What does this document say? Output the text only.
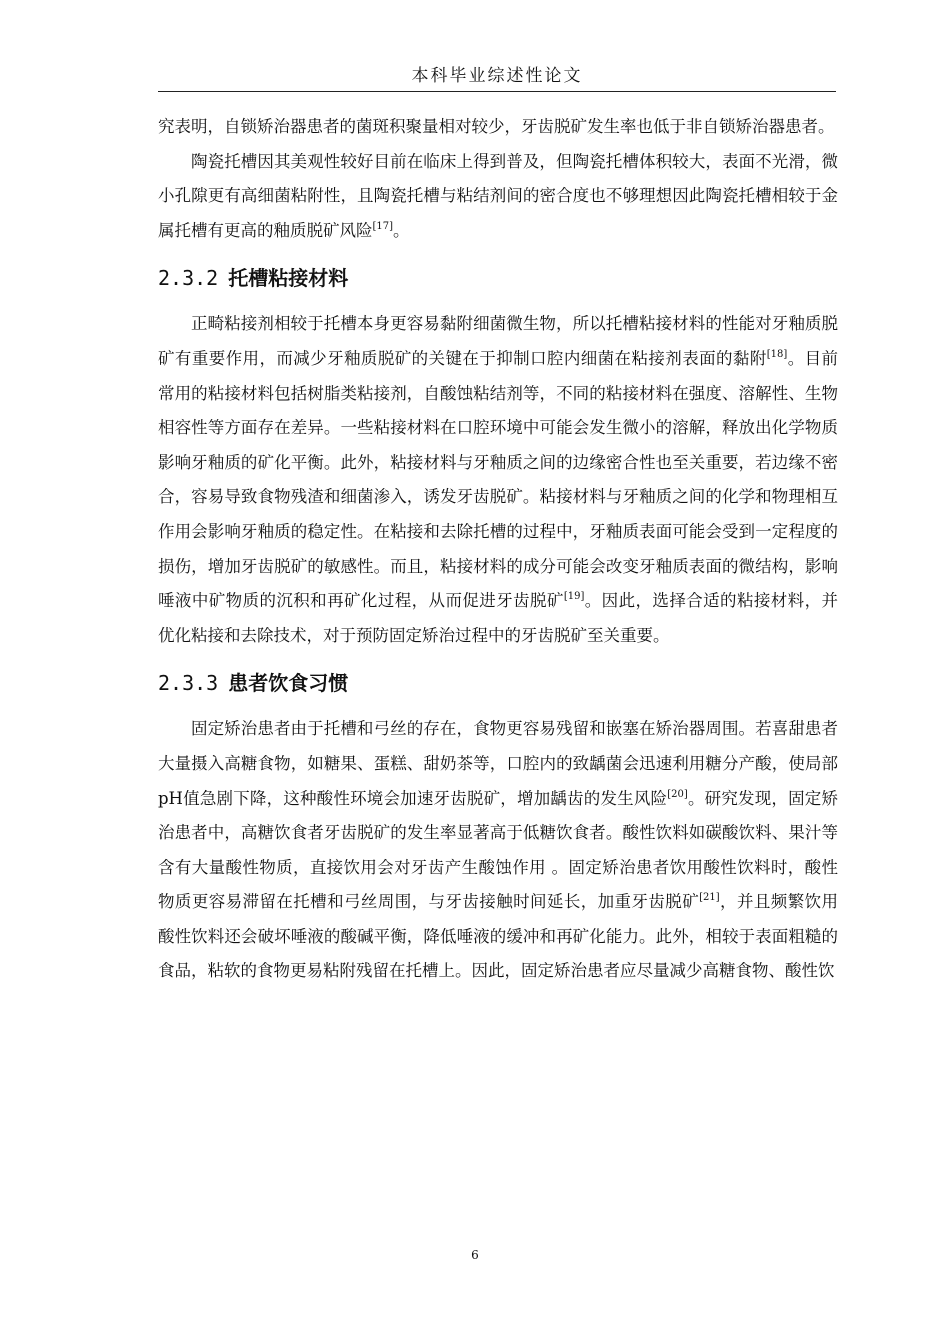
本科毕业综述性论文

究表明，自锁矫治器患者的菌斑积聚量相对较少，牙齿脱矿发生率也低于非自锁矫治器患者。

陶瓷托槽因其美观性较好目前在临床上得到普及，但陶瓷托槽体积较大，表面不光滑，微小孔隙更有高细菌粘附性，且陶瓷托槽与粘结剂间的密合度也不够理想因此陶瓷托槽相较于金属托槽有更高的釉质脱矿风险[17]。

2.3.2 托槽粘接材料

正畸粘接剂相较于托槽本身更容易黏附细菌微生物，所以托槽粘接材料的性能对牙釉质脱矿有重要作用，而减少牙釉质脱矿的关键在于抑制口腔内细菌在粘接剂表面的黏附[18]。目前常用的粘接材料包括树脂类粘接剂，自酸蚀粘结剂等，不同的粘接材料在强度、溶解性、生物相容性等方面存在差异。一些粘接材料在口腔环境中可能会发生微小的溶解，释放出化学物质影响牙釉质的矿化平衡。此外，粘接材料与牙釉质之间的边缘密合性也至关重要，若边缘不密合，容易导致食物残渣和细菌渗入，诱发牙齿脱矿。粘接材料与牙釉质之间的化学和物理相互作用会影响牙釉质的稳定性。在粘接和去除托槽的过程中，牙釉质表面可能会受到一定程度的损伤，增加牙齿脱矿的敏感性。而且，粘接材料的成分可能会改变牙釉质表面的微结构，影响唾液中矿物质的沉积和再矿化过程，从而促进牙齿脱矿[19]。因此，选择合适的粘接材料，并优化粘接和去除技术，对于预防固定矫治过程中的牙齿脱矿至关重要。

2.3.3 患者饮食习惯

固定矫治患者由于托槽和弓丝的存在，食物更容易残留和嵌塞在矫治器周围。若喜甜患者大量摄入高糖食物，如糖果、蛋糕、甜奶茶等，口腔内的致龋菌会迅速利用糖分产酸，使局部pH值急剧下降，这种酸性环境会加速牙齿脱矿，增加龋齿的发生风险[20]。研究发现，固定矫治患者中，高糖饮食者牙齿脱矿的发生率显著高于低糖饮食者。酸性饮料如碳酸饮料、果汁等含有大量酸性物质，直接饮用会对牙齿产生酸蚀作用 。固定矫治患者饮用酸性饮料时，酸性物质更容易滞留在托槽和弓丝周围，与牙齿接触时间延长，加重牙齿脱矿[21]，并且频繁饮用酸性饮料还会破坏唾液的酸碱平衡，降低唾液的缓冲和再矿化能力。此外，相较于表面粗糙的食品，粘软的食物更易粘附残留在托槽上。因此，固定矫治患者应尽量减少高糖食物、酸性饮

6
